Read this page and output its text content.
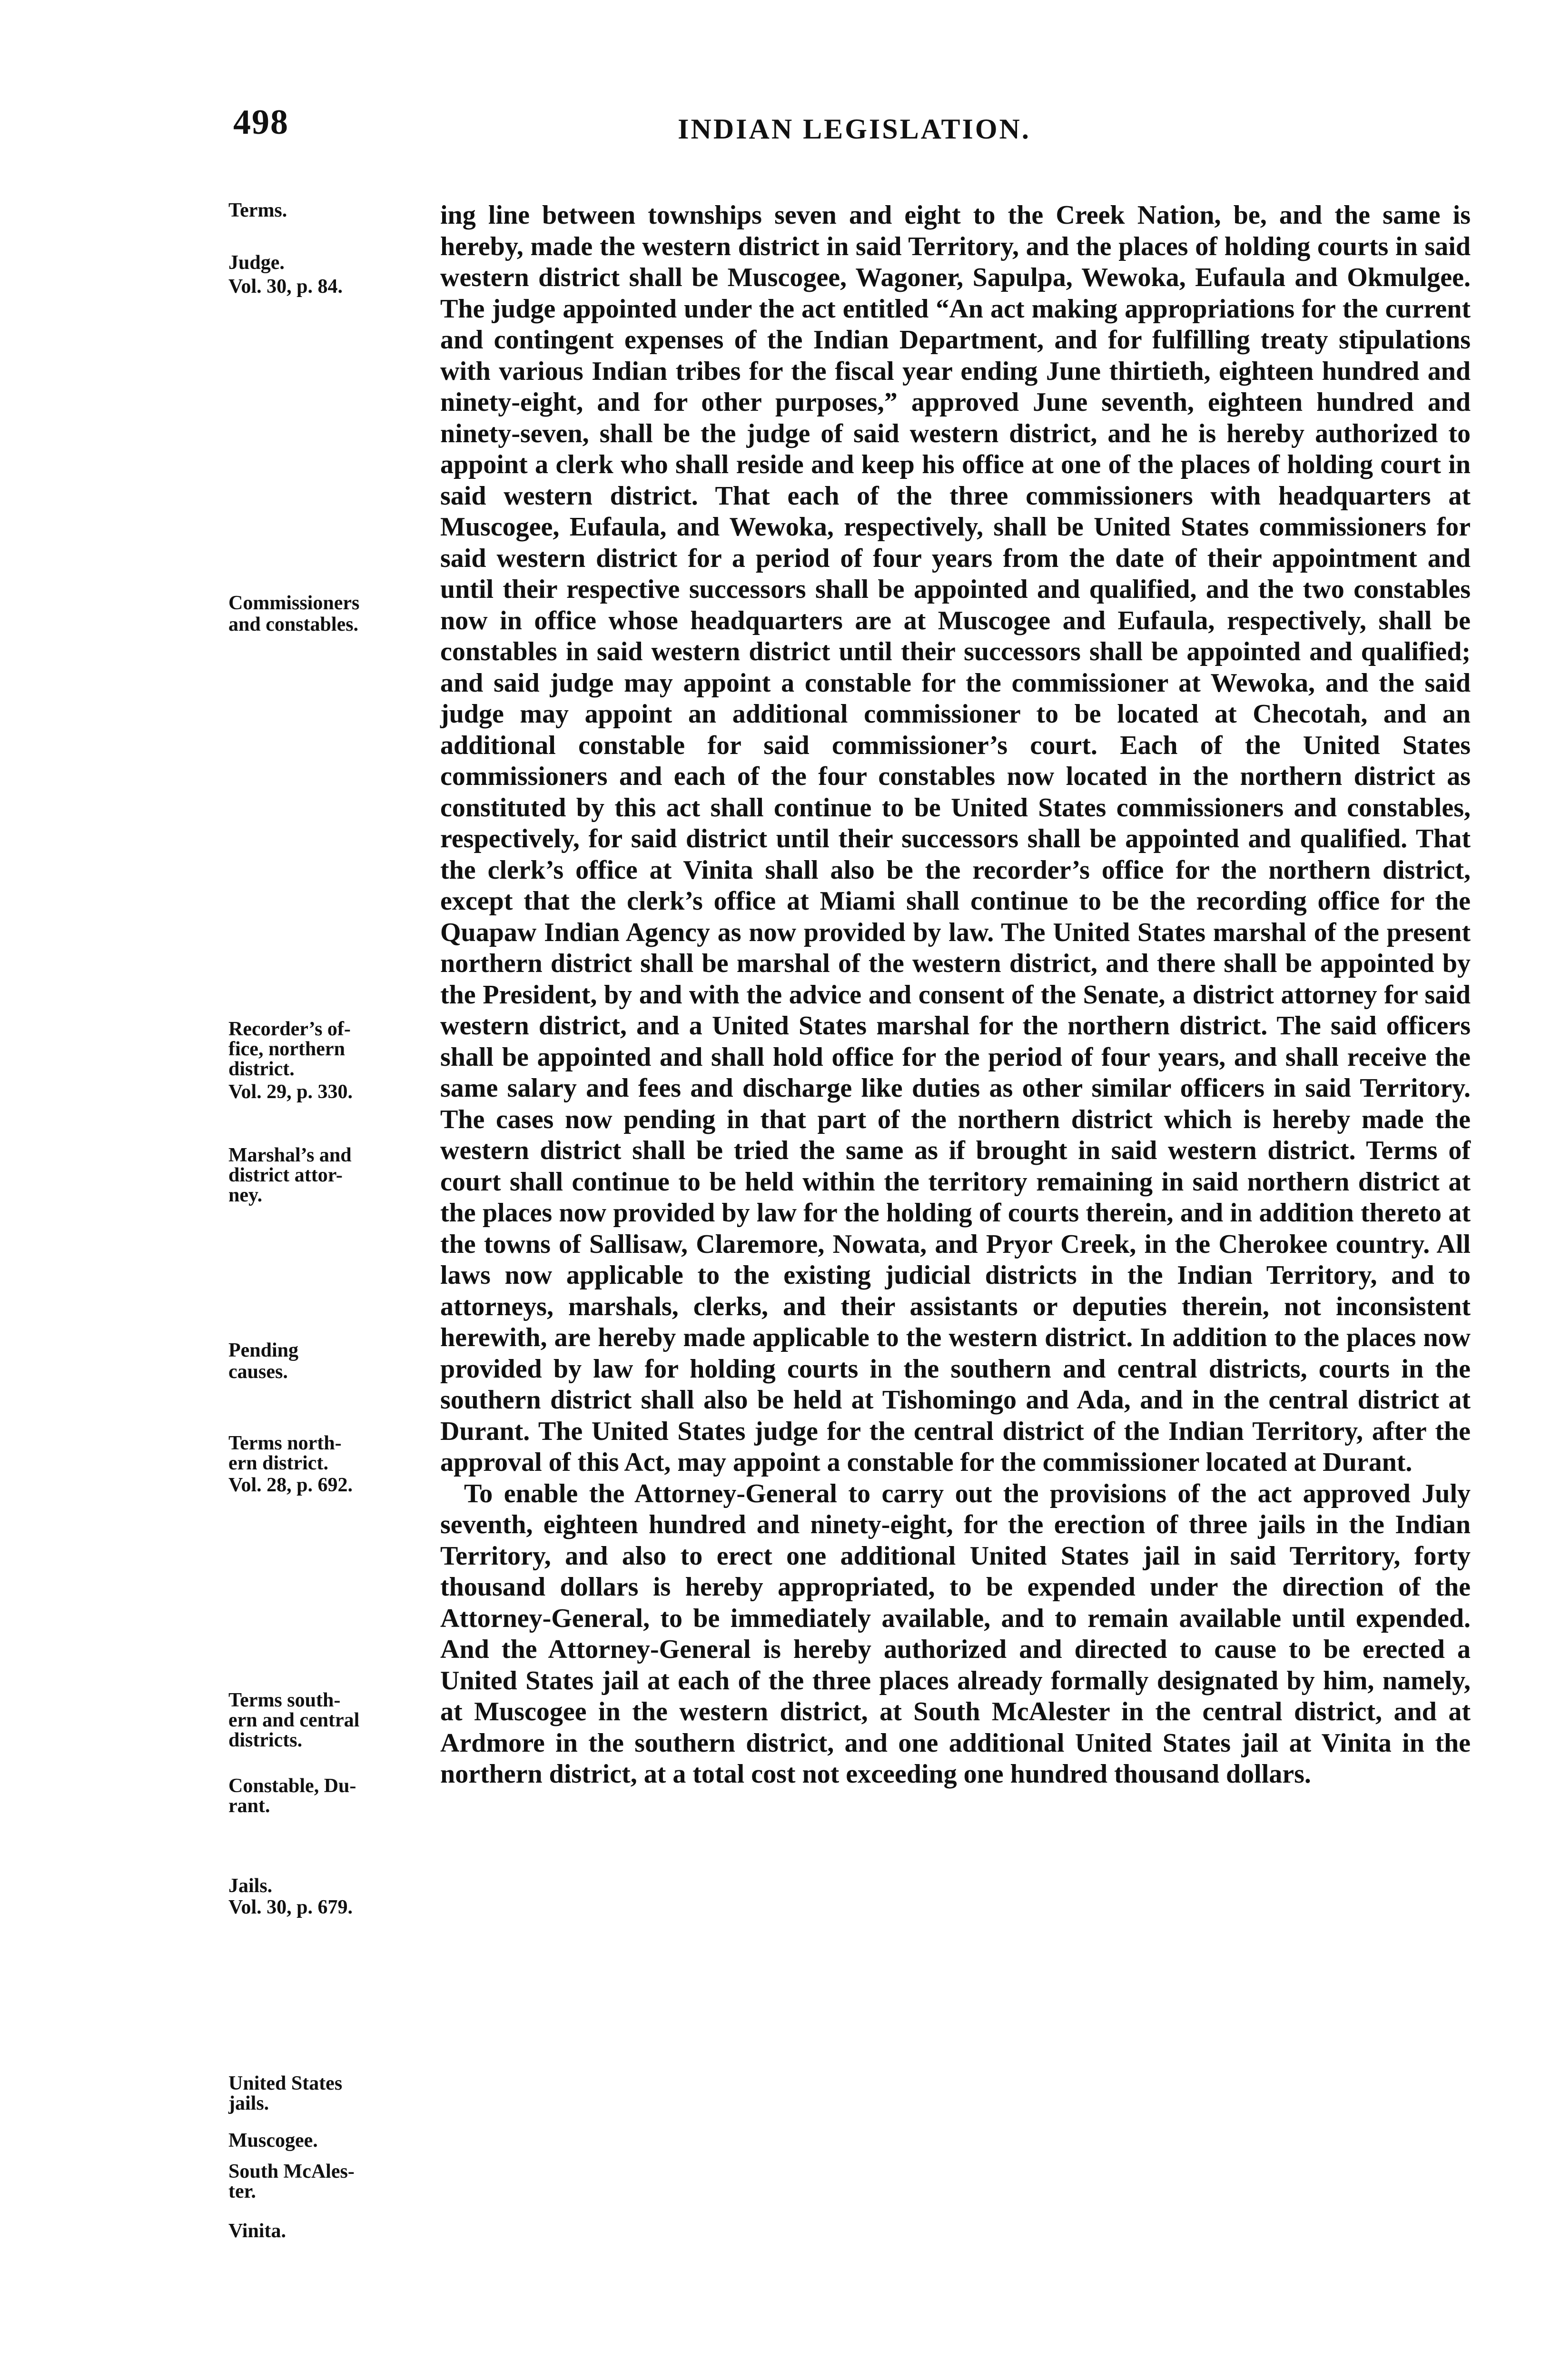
498	INDIAN LEGISLATION.
Terms.
Judge.
Vol. 30, p. 84.
Commissioners
and constables.
Recorder’s of-
fice, northern
district.
Vol. 29, p. 330.
Marshal’s and
district attor-
ney.
Pending
causes.
Terms north-
ern district.
Vol. 28, p. 692.
Terms south-
ern and central
districts.
Constable, Du-
rant.
Jails.
Vol. 30, p. 679.
United States
jails.
Muscogee.
South McAles-
ter.
Vinita.

ing line between townships seven and eight to the Creek Nation, be, and the same is hereby, made the western district in said Territory, and the places of holding courts in said western district shall be Muscogee, Wagoner, Sapulpa, Wewoka, Eufaula and Okmulgee. The judge appointed under the act entitled “An act making appropriations for the current and contingent expenses of the Indian Department, and for fulfilling treaty stipulations with various Indian tribes for the fiscal year ending June thirtieth, eighteen hundred and ninety-eight, and for other purposes,” approved June seventh, eighteen hundred and ninety-seven, shall be the judge of said western district, and he is hereby authorized to appoint a clerk who shall reside and keep his office at one of the places of holding court in said western district. That each of the three commissioners with headquarters at Muscogee, Eufaula, and Wewoka, respectively, shall be United States commissioners for said western district for a period of four years from the date of their appointment and until their respective successors shall be appointed and qualified, and the two constables now in office whose headquarters are at Muscogee and Eufaula, respectively, shall be constables in said western district until their successors shall be appointed and qualified; and said judge may appoint a constable for the commissioner at Wewoka, and the said judge may appoint an additional commissioner to be located at Checotah, and an additional constable for said commissioner’s court. Each of the United States commissioners and each of the four constables now located in the northern district as constituted by this act shall continue to be United States commissioners and constables, respectively, for said district until their successors shall be appointed and qualified. That the clerk’s office at Vinita shall also be the recorder’s office for the northern district, except that the clerk’s office at Miami shall continue to be the recording office for the Quapaw Indian Agency as now provided by law. The United States marshal of the present northern district shall be marshal of the western district, and there shall be appointed by the President, by and with the advice and consent of the Senate, a district attorney for said western district, and a United States marshal for the northern district. The said officers shall be appointed and shall hold office for the period of four years, and shall receive the same salary and fees and discharge like duties as other similar officers in said Territory. The cases now pending in that part of the northern district which is hereby made the western district shall be tried the same as if brought in said western district. Terms of court shall continue to be held within the territory remaining in said northern district at the places now provided by law for the holding of courts therein, and in addition thereto at the towns of Sallisaw, Claremore, Nowata, and Pryor Creek, in the Cherokee country. All laws now applicable to the existing judicial districts in the Indian Territory, and to attorneys, marshals, clerks, and their assistants or deputies therein, not inconsistent herewith, are hereby made applicable to the western district. In addition to the places now provided by law for holding courts in the southern and central districts, courts in the southern district shall also be held at Tishomingo and Ada, and in the central district at Durant. The United States judge for the central district of the Indian Territory, after the approval of this Act, may appoint a constable for the commissioner located at Durant.

To enable the Attorney-General to carry out the provisions of the act approved July seventh, eighteen hundred and ninety-eight, for the erection of three jails in the Indian Territory, and also to erect one additional United States jail in said Territory, forty thousand dollars is hereby appropriated, to be expended under the direction of the Attorney-General, to be immediately available, and to remain available until expended. And the Attorney-General is hereby authorized and directed to cause to be erected a United States jail at each of the three places already formally designated by him, namely, at Muscogee in the western district, at South McAlester in the central district, and at Ardmore in the southern district, and one additional United States jail at Vinita in the northern district, at a total cost not exceeding one hundred thousand dollars.
